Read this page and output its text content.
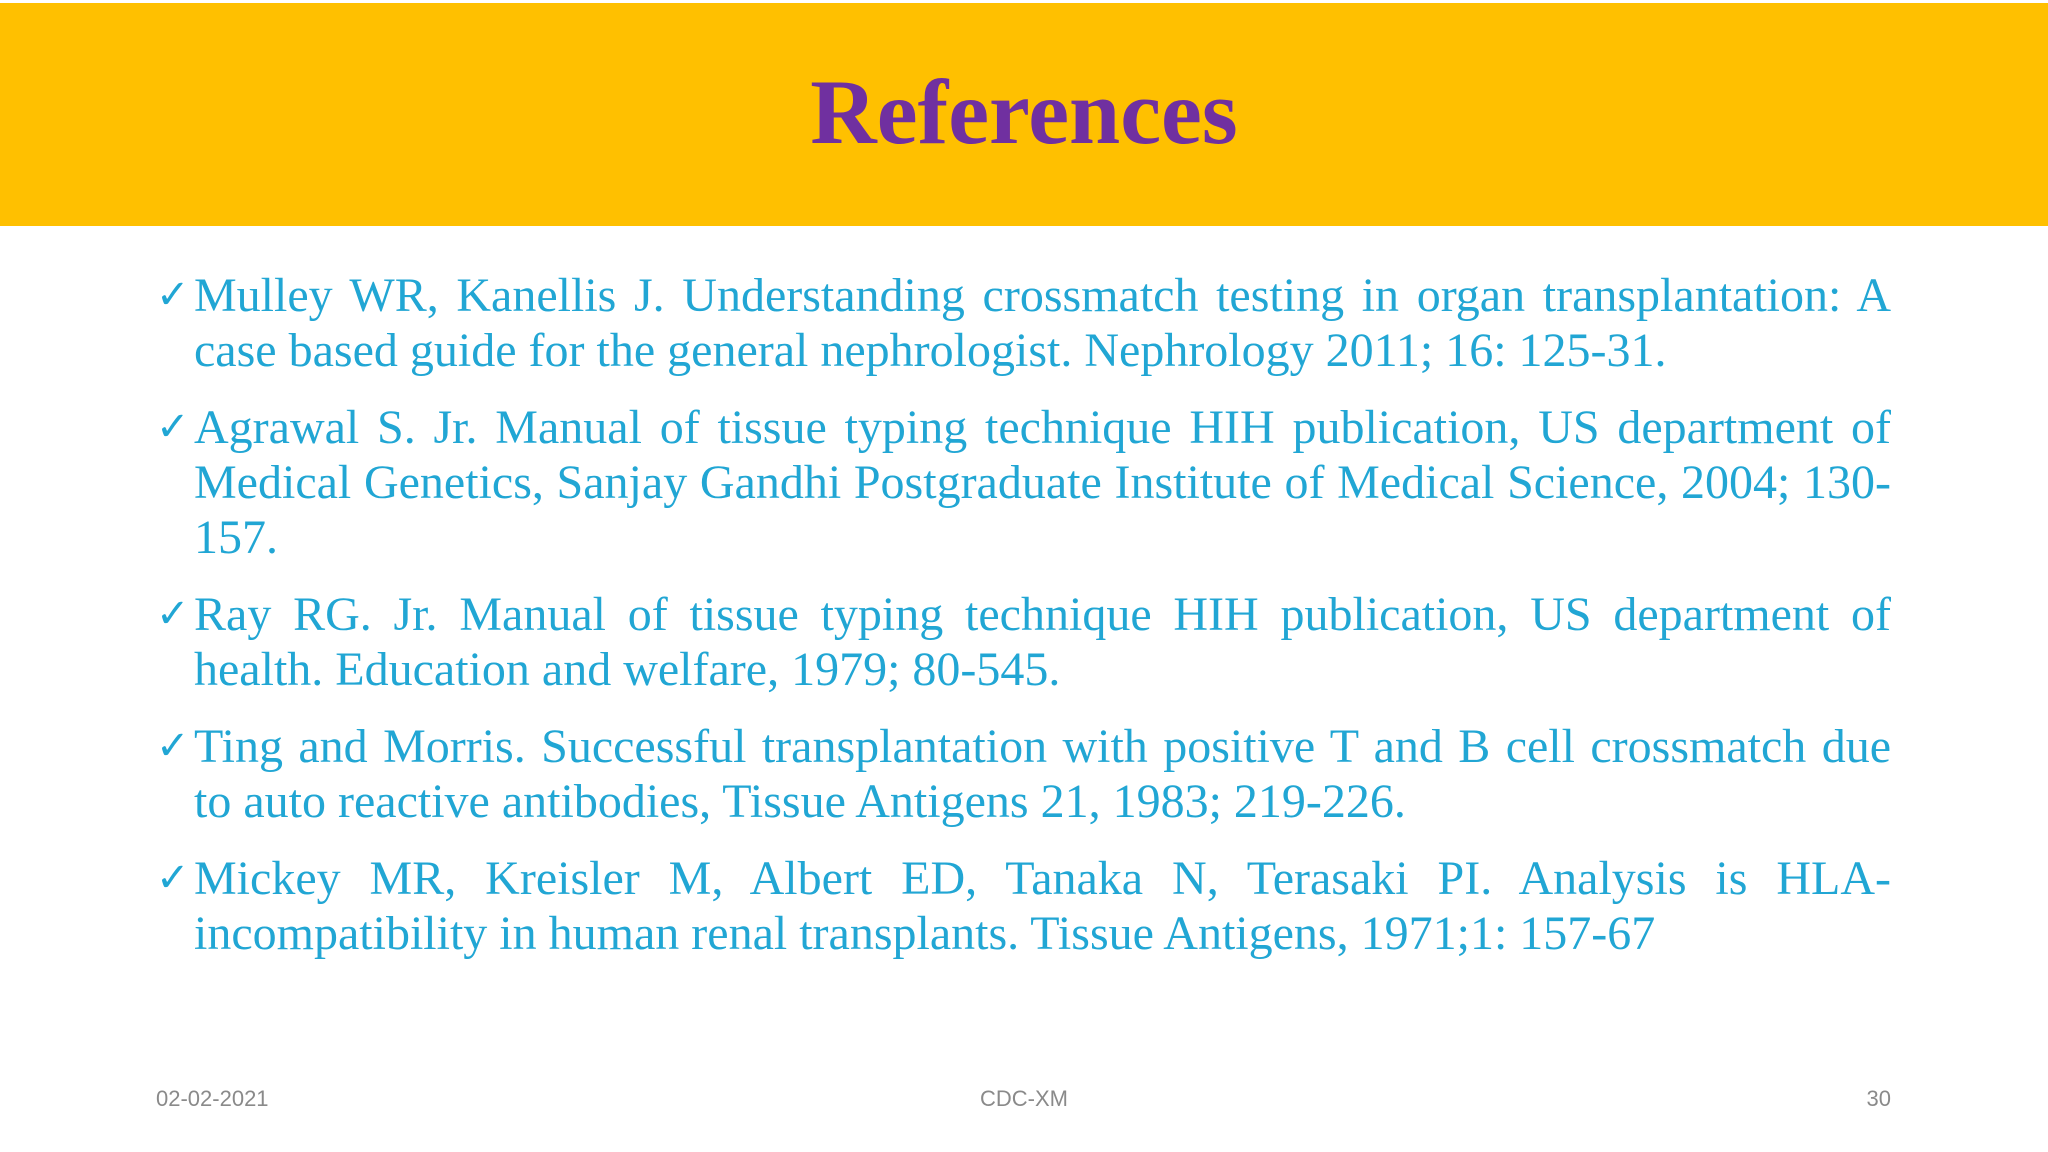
References
✓ Mulley WR, Kanellis J. Understanding crossmatch testing in organ transplantation: A case based guide for the general nephrologist. Nephrology 2011; 16: 125-31.
✓ Agrawal S. Jr. Manual of tissue typing technique HIH publication, US department of Medical Genetics, Sanjay Gandhi Postgraduate Institute of Medical Science, 2004; 130-157.
✓ Ray RG. Jr. Manual of tissue typing technique HIH publication, US department of health. Education and welfare, 1979; 80-545.
✓ Ting and Morris. Successful transplantation with positive T and B cell crossmatch due to auto reactive antibodies, Tissue Antigens 21, 1983; 219-226.
✓ Mickey MR, Kreisler M, Albert ED, Tanaka N, Terasaki PI. Analysis is HLA-incompatibility in human renal transplants. Tissue Antigens, 1971;1: 157-67
02-02-2021	CDC-XM	30
